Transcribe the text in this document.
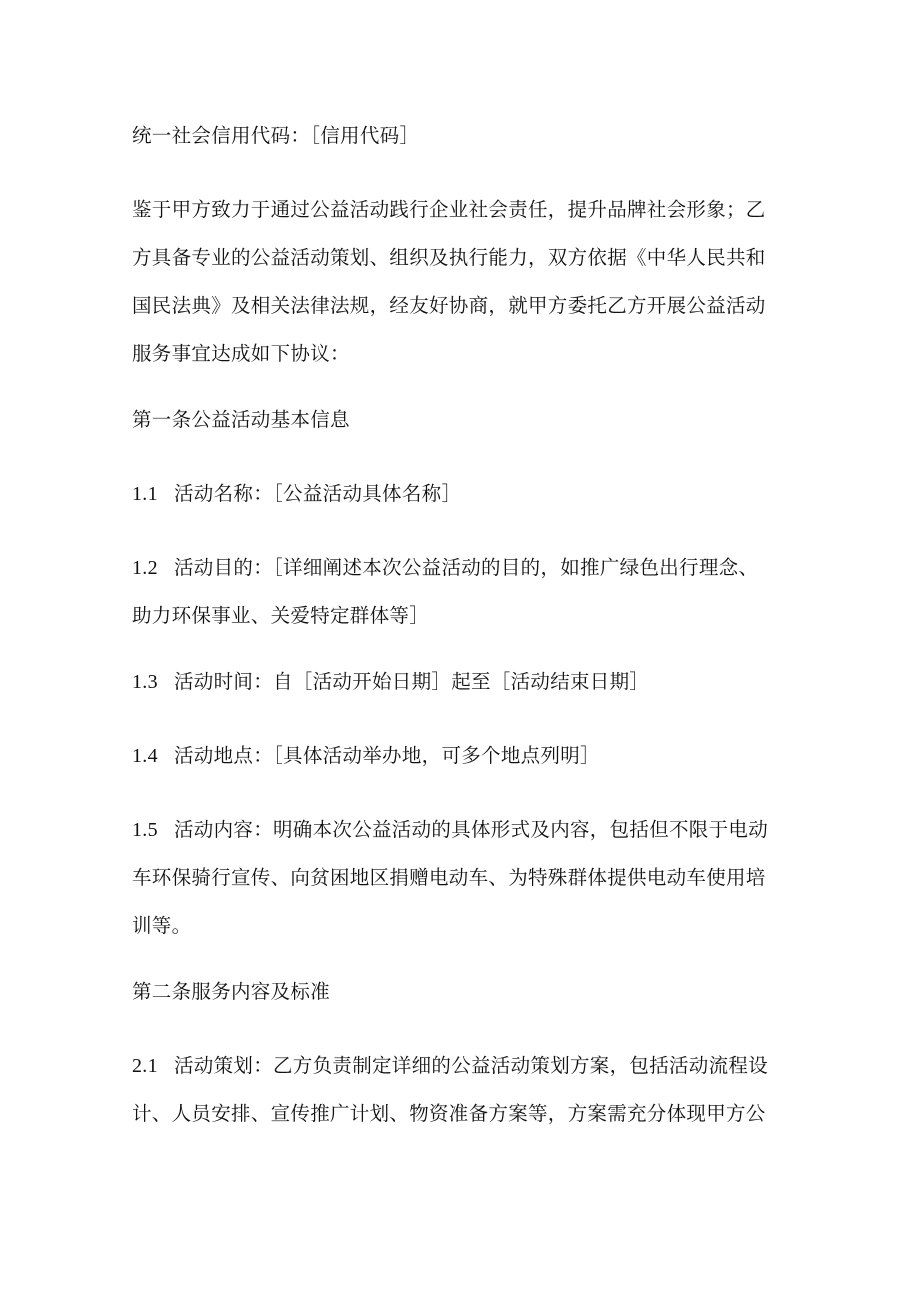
统一社会信用代码：［信用代码］

鉴于甲方致力于通过公益活动践行企业社会责任，提升品牌社会形象；乙
方具备专业的公益活动策划、组织及执行能力，双方依据《中华人民共和
国民法典》及相关法律法规，经友好协商，就甲方委托乙方开展公益活动
服务事宜达成如下协议：

第一条公益活动基本信息

1.1 活动名称：［公益活动具体名称］

1.2 活动目的：［详细阐述本次公益活动的目的，如推广绿色出行理念、
助力环保事业、关爱特定群体等］

1.3 活动时间：自［活动开始日期］起至［活动结束日期］

1.4 活动地点：［具体活动举办地，可多个地点列明］

1.5 活动内容：明确本次公益活动的具体形式及内容，包括但不限于电动
车环保骑行宣传、向贫困地区捐赠电动车、为特殊群体提供电动车使用培
训等。

第二条服务内容及标准

2.1 活动策划：乙方负责制定详细的公益活动策划方案，包括活动流程设
计、人员安排、宣传推广计划、物资准备方案等，方案需充分体现甲方公
